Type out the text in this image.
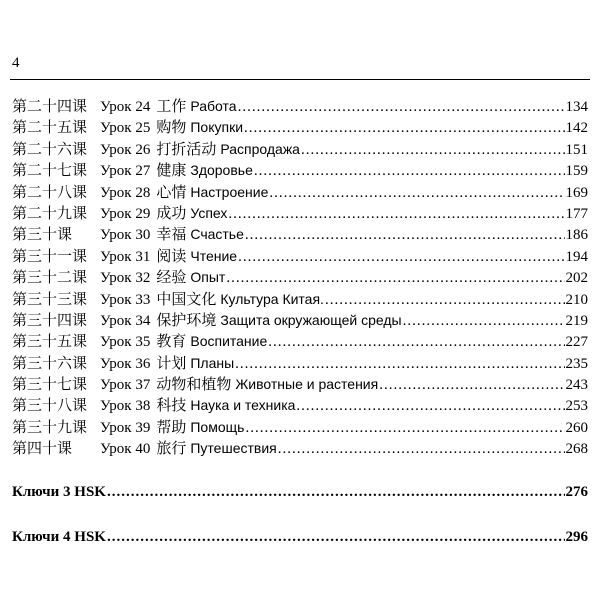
4
第二十四课 Урок 24 工作 Работа .....	134
第二十五课 Урок 25 购物 Покупки .....	142
第二十六课 Урок 26 打折活动 Распродажа .....	151
第二十七课 Урок 27 健康 Здоровье .....	159
第二十八课 Урок 28 心情 Настроение .....	169
第二十九课 Урок 29 成功 Успех .....	177
第三十课	Урок 30 幸福 Счастье .....	186
第三十一课 Урок 31 阅读 Чтение .....	194
第三十二课 Урок 32 经验 Опыт .....	202
第三十三课 Урок 33 中国文化 Культура Китая. .....	210
第三十四课 Урок 34 保护环境 Защита окружающей среды .....	219
第三十五课 Урок 35 教育 Воспитание .....	227
第三十六课 Урок 36 计划 Планы .....	235
第三十七课 Урок 37 动物和植物 Животные и растения .....	243
第三十八课 Урок 38 科技 Наука и техника .....	253
第三十九课 Урок 39 帮助 Помощь .....	260
第四十课	Урок 40 旅行 Путешествия .....	268
Ключи 3 HSK .....	276
Ключи 4 HSK .....	296
